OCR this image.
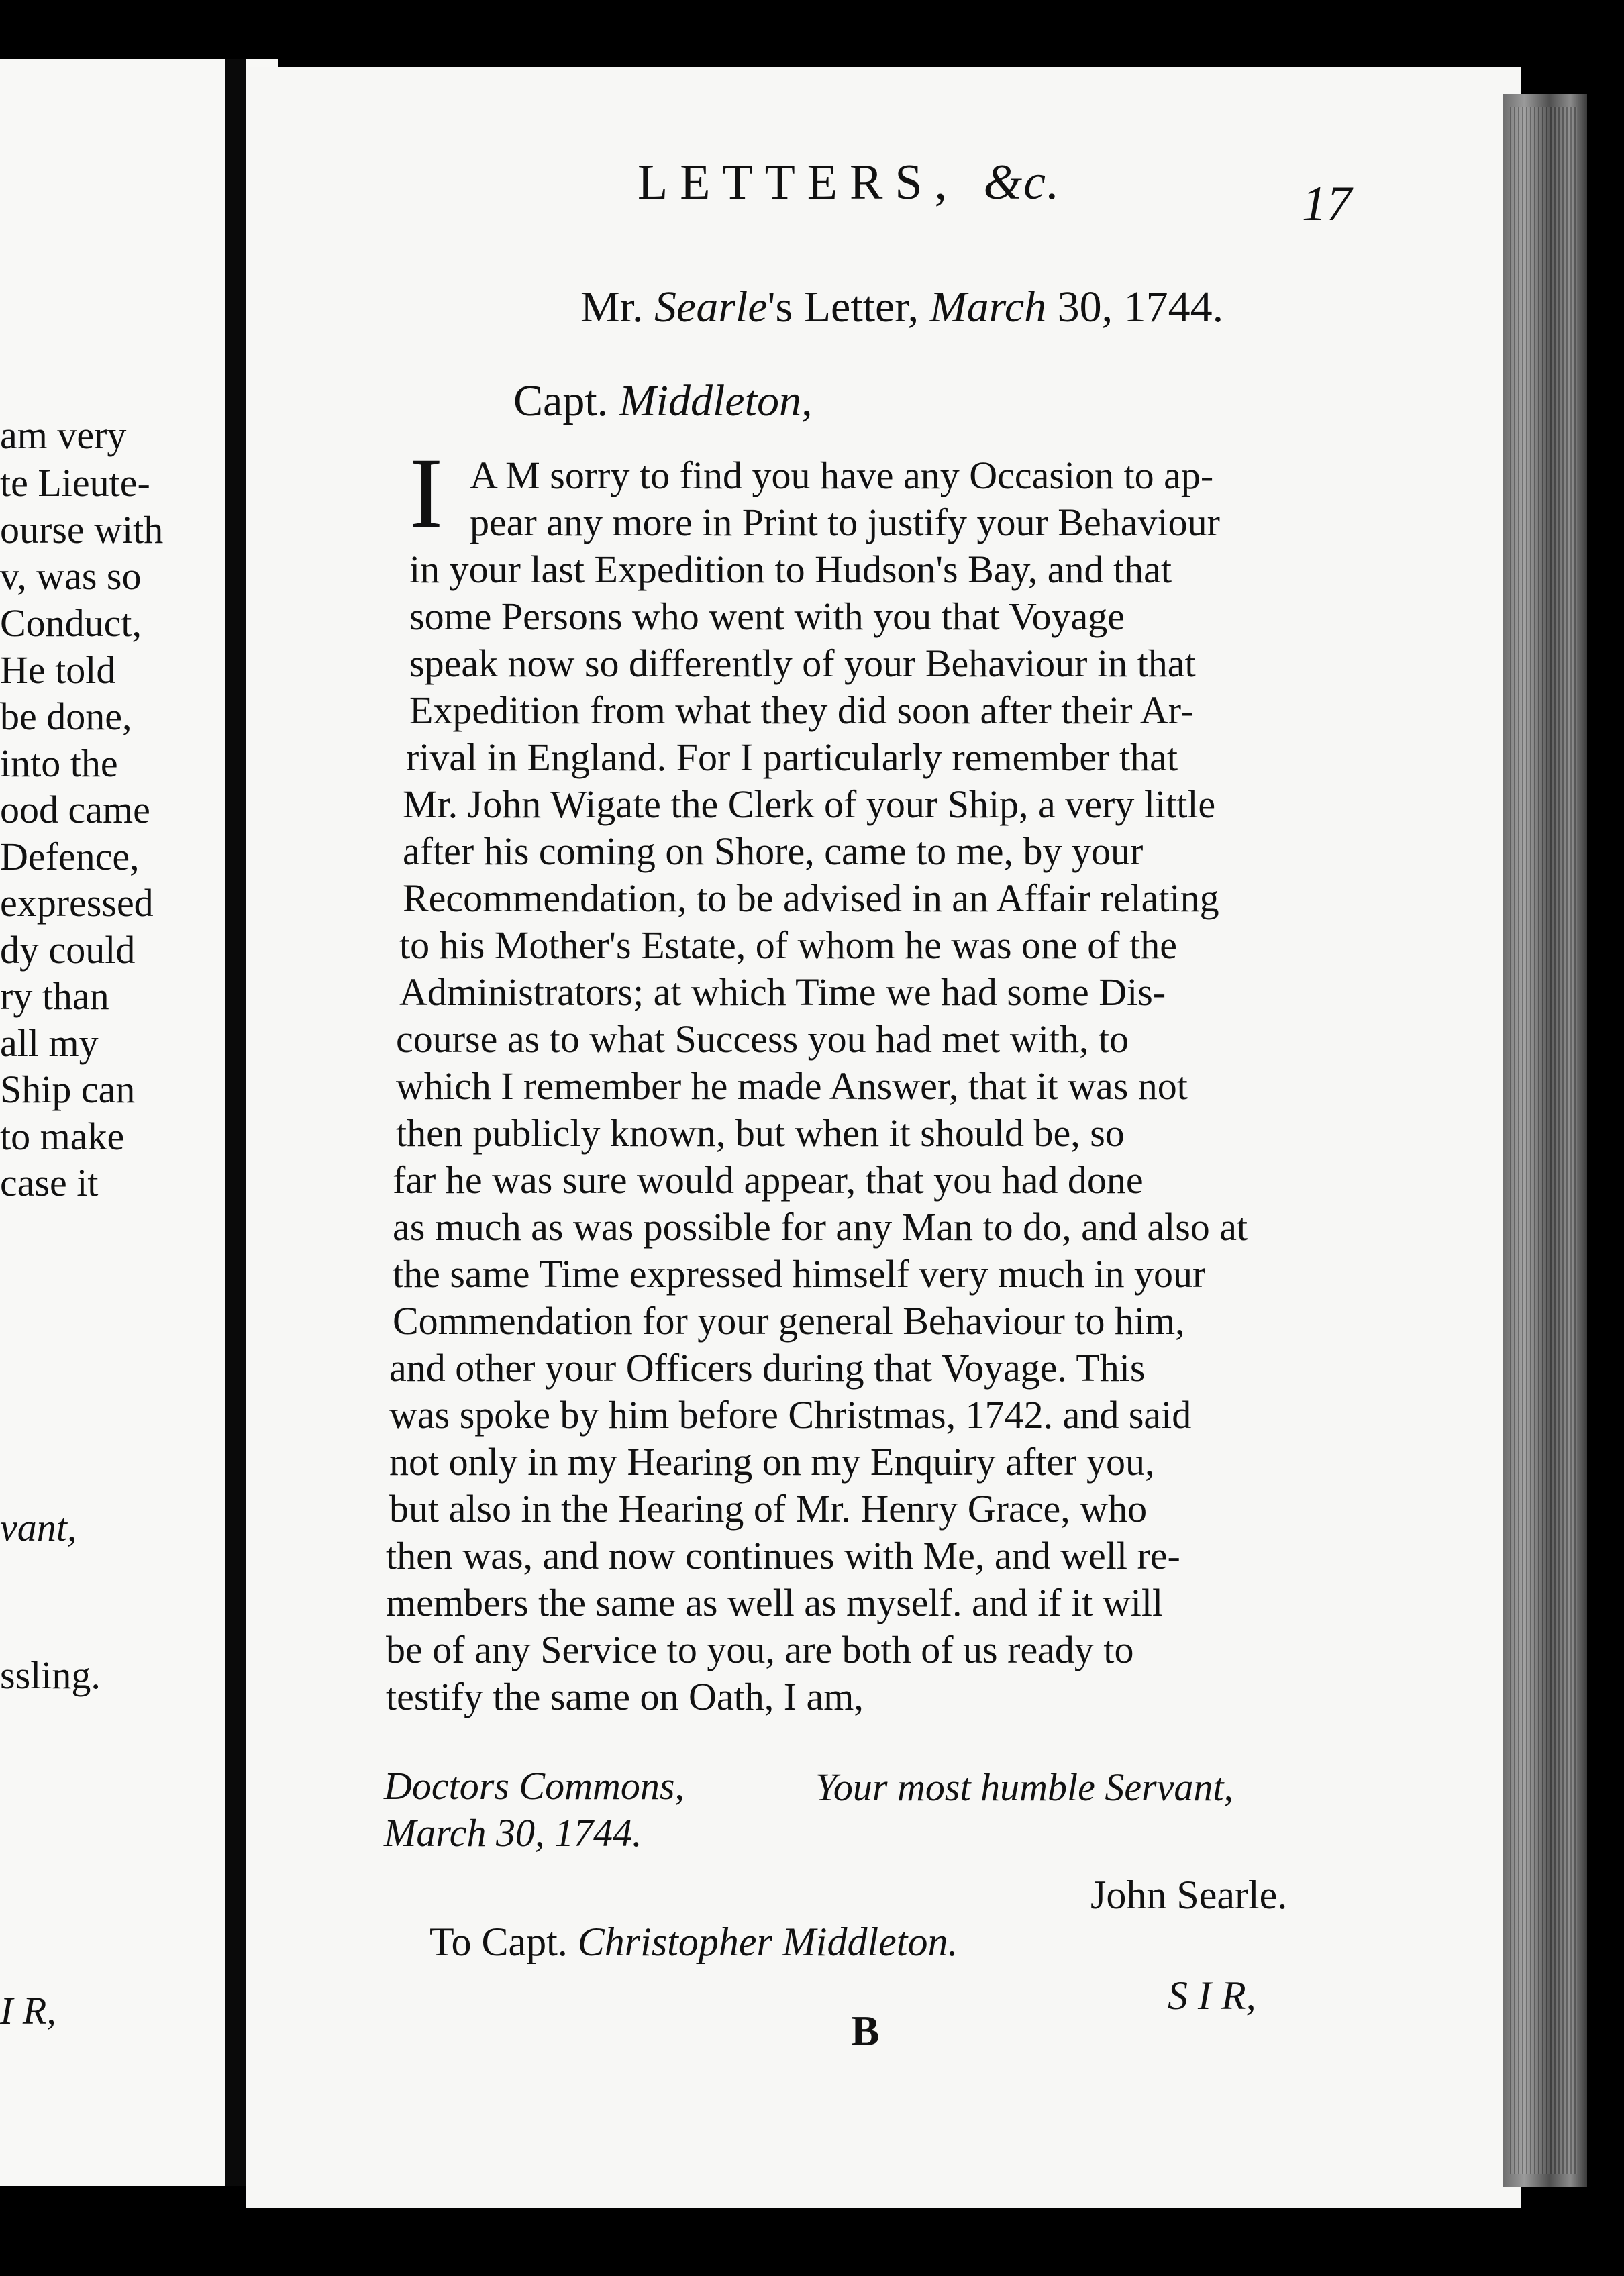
am very
te Lieute-
ourse with
v, was so
Conduct,
He told
be done,
into the
ood came
Defence,
expressed
dy could
ry than
all my
Ship can
to make
case it
vant,
ssling.
I R,
LETTERS, &c.	17
Mr. Searle's Letter, March 30, 1744.
Capt. Middleton,
I A M sorry to find you have any Occasion to ap-
pear any more in Print to justify your Behaviour
in your last Expedition to Hudson's Bay, and that
some Persons who went with you that Voyage
speak now so differently of your Behaviour in that
Expedition from what they did soon after their Ar-
rival in England. For I particularly remember that
Mr. John Wigate the Clerk of your Ship, a very little
after his coming on Shore, came to me, by your
Recommendation, to be advised in an Affair relating
to his Mother's Estate, of whom he was one of the
Administrators; at which Time we had some Dis-
course as to what Success you had met with, to
which I remember he made Answer, that it was not
then publicly known, but when it should be, so
far he was sure would appear, that you had done
as much as was possible for any Man to do, and also at
the same Time expressed himself very much in your
Commendation for your general Behaviour to him,
and other your Officers during that Voyage. This
was spoke by him before Christmas, 1742. and said
not only in my Hearing on my Enquiry after you,
but also in the Hearing of Mr. Henry Grace, who
then was, and now continues with Me, and well re-
members the same as well as myself. and if it will
be of any Service to you, are both of us ready to
testify the same on Oath, I am,
Doctors Commons,
March 30, 1744.
Your most humble Servant,
John Searle.
To Capt. Christopher Middleton.
S I R,
B
